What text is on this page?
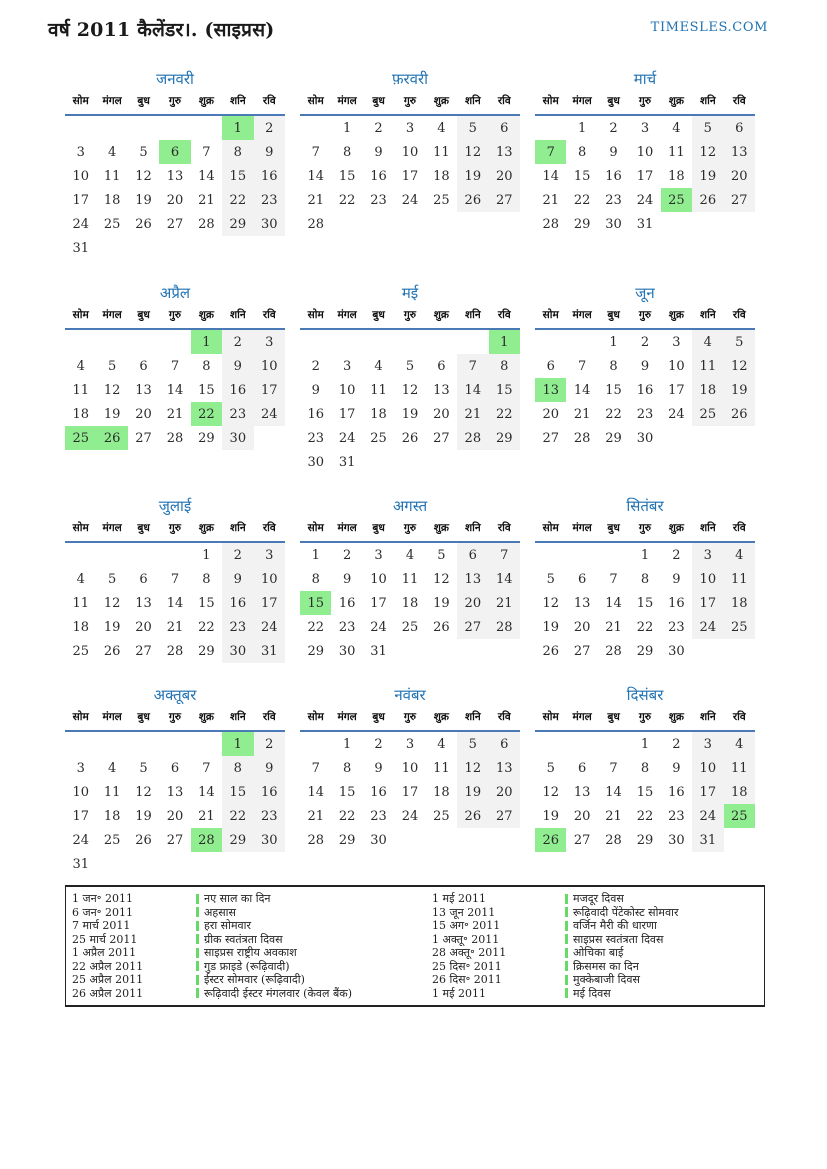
वर्ष 2011 कैलेंडर।. (साइप्रस)	TIMESLES.COM
जनवरी
सोम	मंगल	बुध	गुरु	शुक्र	शनि	रवि
					1	2
3	4	5	6	7	8	9
10	11	12	13	14	15	16
17	18	19	20	21	22	23
24	25	26	27	28	29	30
31						
फ़रवरी
सोम	मंगल	बुध	गुरु	शुक्र	शनि	रवि
	1	2	3	4	5	6
7	8	9	10	11	12	13
14	15	16	17	18	19	20
21	22	23	24	25	26	27
28						
मार्च
सोम	मंगल	बुध	गुरु	शुक्र	शनि	रवि
	1	2	3	4	5	6
7	8	9	10	11	12	13
14	15	16	17	18	19	20
21	22	23	24	25	26	27
28	29	30	31			
अप्रैल
सोम	मंगल	बुध	गुरु	शुक्र	शनि	रवि
				1	2	3
4	5	6	7	8	9	10
11	12	13	14	15	16	17
18	19	20	21	22	23	24
25	26	27	28	29	30	
मई
सोम	मंगल	बुध	गुरु	शुक्र	शनि	रवि
						1
2	3	4	5	6	7	8
9	10	11	12	13	14	15
16	17	18	19	20	21	22
23	24	25	26	27	28	29
30	31					
जून
सोम	मंगल	बुध	गुरु	शुक्र	शनि	रवि
		1	2	3	4	5
6	7	8	9	10	11	12
13	14	15	16	17	18	19
20	21	22	23	24	25	26
27	28	29	30			
जुलाई
सोम	मंगल	बुध	गुरु	शुक्र	शनि	रवि
				1	2	3
4	5	6	7	8	9	10
11	12	13	14	15	16	17
18	19	20	21	22	23	24
25	26	27	28	29	30	31
अगस्त
सोम	मंगल	बुध	गुरु	शुक्र	शनि	रवि
1	2	3	4	5	6	7
8	9	10	11	12	13	14
15	16	17	18	19	20	21
22	23	24	25	26	27	28
29	30	31				
सितंबर
सोम	मंगल	बुध	गुरु	शुक्र	शनि	रवि
			1	2	3	4
5	6	7	8	9	10	11
12	13	14	15	16	17	18
19	20	21	22	23	24	25
26	27	28	29	30		
अक्तूबर
सोम	मंगल	बुध	गुरु	शुक्र	शनि	रवि
					1	2
3	4	5	6	7	8	9
10	11	12	13	14	15	16
17	18	19	20	21	22	23
24	25	26	27	28	29	30
31						
नवंबर
सोम	मंगल	बुध	गुरु	शुक्र	शनि	रवि
	1	2	3	4	5	6
7	8	9	10	11	12	13
14	15	16	17	18	19	20
21	22	23	24	25	26	27
28	29	30				
दिसंबर
सोम	मंगल	बुध	गुरु	शुक्र	शनि	रवि
			1	2	3	4
5	6	7	8	9	10	11
12	13	14	15	16	17	18
19	20	21	22	23	24	25
26	27	28	29	30	31	
1 जन॰ 2011	नए साल का दिन	1 मई 2011	मजदूर दिवस
6 जन॰ 2011	अहसास	13 जून 2011	रूढ़िवादी पेंटेकोस्ट सोमवार
7 मार्च 2011	हरा सोमवार	15 अग॰ 2011	वर्जिन मैरी की धारणा
25 मार्च 2011	ग्रीक स्वतंत्रता दिवस	1 अक्तू॰ 2011	साइप्रस स्वतंत्रता दिवस
1 अप्रैल 2011	साइप्रस राष्ट्रीय अवकाश	28 अक्तू॰ 2011	ओचिका बाई
22 अप्रैल 2011	गुड फ्राइडे (रूढ़िवादी)	25 दिस॰ 2011	क्रिसमस का दिन
25 अप्रैल 2011	ईस्टर सोमवार (रूढ़िवादी)	26 दिस॰ 2011	मुक्केबाजी दिवस
26 अप्रैल 2011	रूढ़िवादी ईस्टर मंगलवार (केवल बैंक)	1 मई 2011	मई दिवस
